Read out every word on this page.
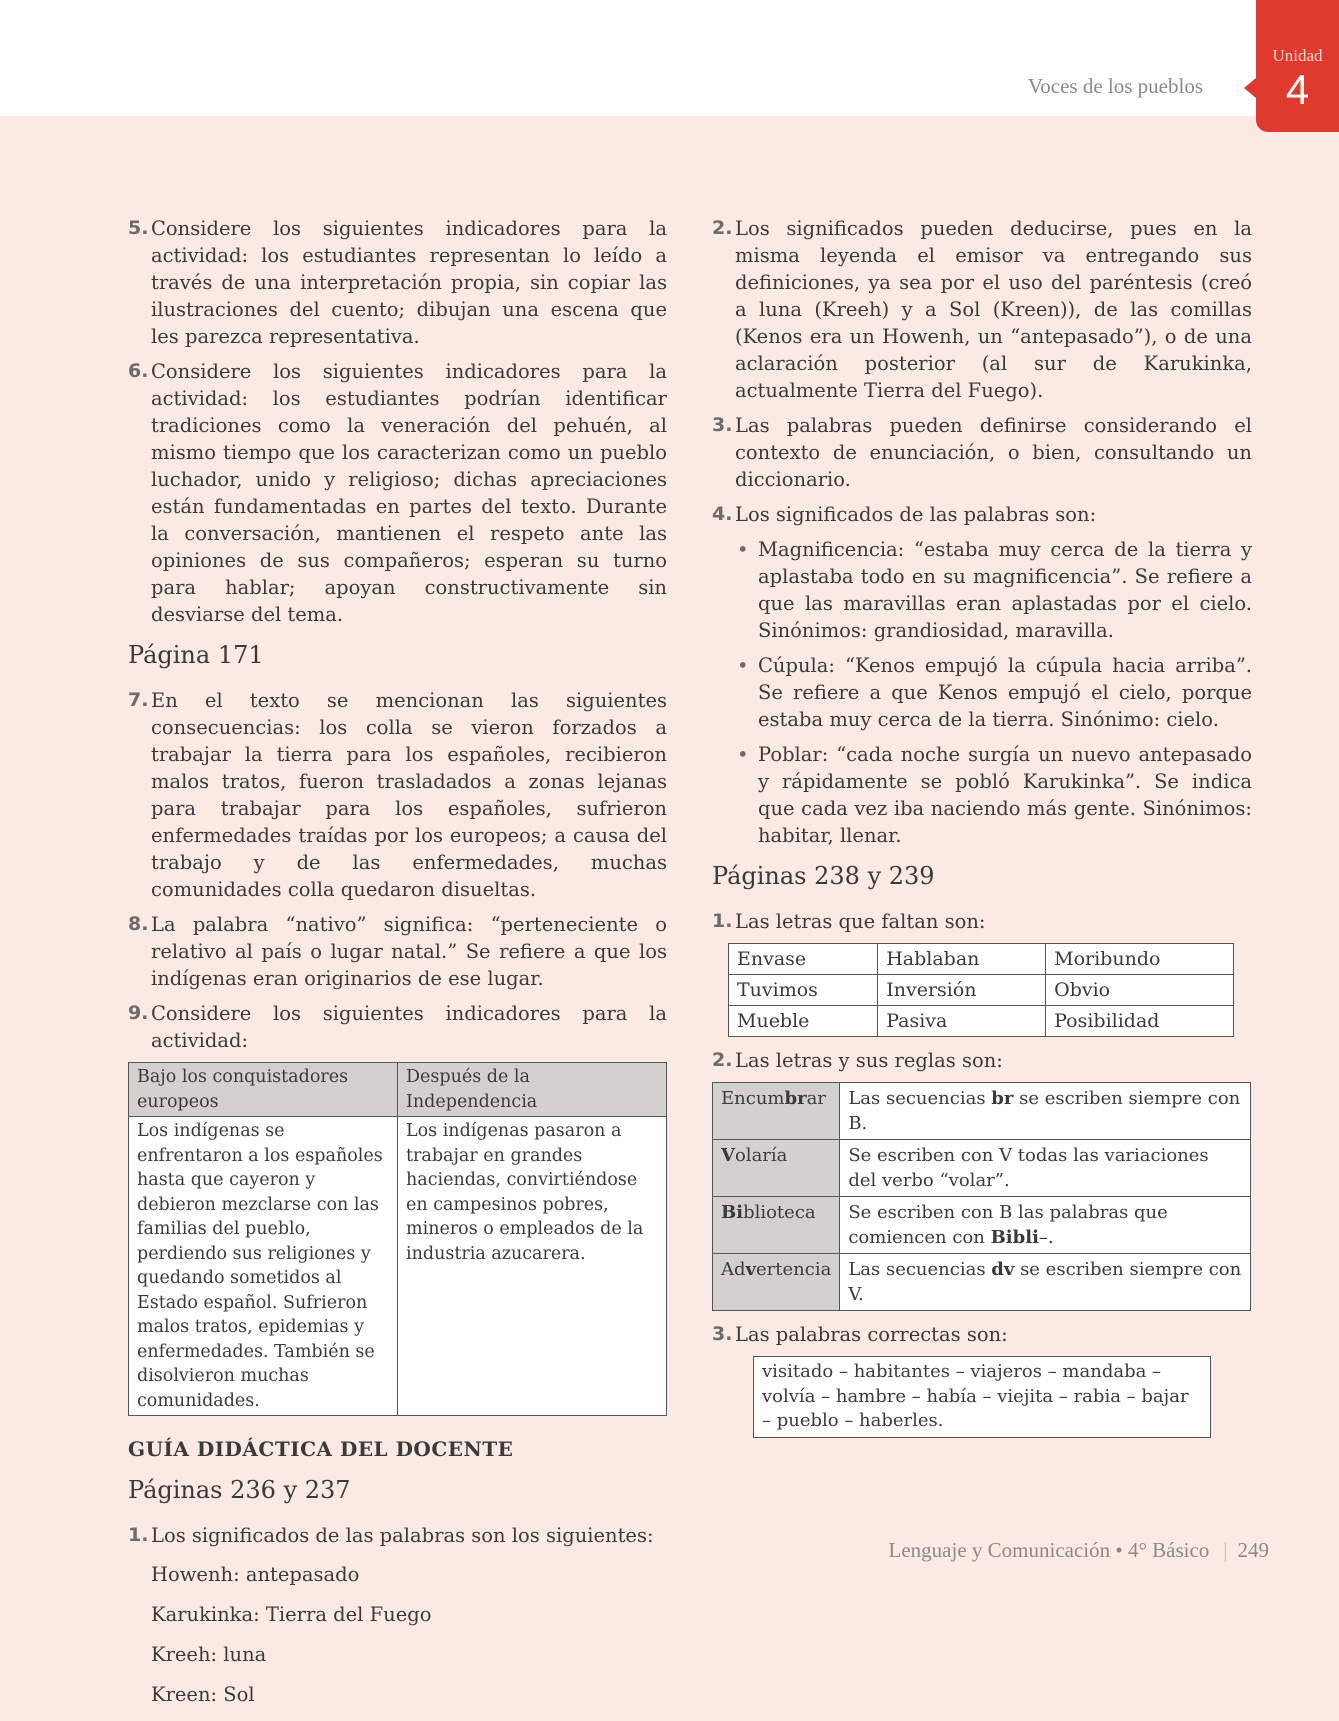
Voces de los pueblos
Unidad
4
5. Considere los siguientes indicadores para la actividad: los estudiantes representan lo leído a través de una interpretación propia, sin copiar las ilustraciones del cuento; dibujan una escena que les parezca representativa.
6. Considere los siguientes indicadores para la actividad: los estudiantes podrían identificar tradiciones como la veneración del pehuén, al mismo tiempo que los caracterizan como un pueblo luchador, unido y religioso; dichas apreciaciones están fundamentadas en partes del texto. Durante la conversación, mantienen el respeto ante las opiniones de sus compañeros; esperan su turno para hablar; apoyan constructivamente sin desviarse del tema.
Página 171
7. En el texto se mencionan las siguientes consecuencias: los colla se vieron forzados a trabajar la tierra para los españoles, recibieron malos tratos, fueron trasladados a zonas lejanas para trabajar para los españoles, sufrieron enfermedades traídas por los europeos; a causa del trabajo y de las enfermedades, muchas comunidades colla quedaron disueltas.
8. La palabra “nativo” significa: “perteneciente o relativo al país o lugar natal.” Se refiere a que los indígenas eran originarios de ese lugar.
9. Considere los siguientes indicadores para la actividad:
Bajo los conquistadores europeos	Después de la Independencia
Los indígenas se enfrentaron a los españoles hasta que cayeron y debieron mezclarse con las familias del pueblo, perdiendo sus religiones y quedando sometidos al Estado español. Sufrieron malos tratos, epidemias y enfermedades. También se disolvieron muchas comunidades.	Los indígenas pasaron a trabajar en grandes haciendas, convirtiéndose en campesinos pobres, mineros o empleados de la industria azucarera.
GUÍA DIDÁCTICA DEL DOCENTE
Páginas 236 y 237
1. Los significados de las palabras son los siguientes:
Howenh: antepasado
Karukinka: Tierra del Fuego
Kreeh: luna
Kreen: Sol
2. Los significados pueden deducirse, pues en la misma leyenda el emisor va entregando sus definiciones, ya sea por el uso del paréntesis (creó a luna (Kreeh) y a Sol (Kreen)), de las comillas (Kenos era un Howenh, un “antepasado”), o de una aclaración posterior (al sur de Karukinka, actualmente Tierra del Fuego).
3. Las palabras pueden definirse considerando el contexto de enunciación, o bien, consultando un diccionario.
4. Los significados de las palabras son:
• Magnificencia: “estaba muy cerca de la tierra y aplastaba todo en su magnificencia”. Se refiere a que las maravillas eran aplastadas por el cielo. Sinónimos: grandiosidad, maravilla.
• Cúpula: “Kenos empujó la cúpula hacia arriba”. Se refiere a que Kenos empujó el cielo, porque estaba muy cerca de la tierra. Sinónimo: cielo.
• Poblar: “cada noche surgía un nuevo antepasado y rápidamente se pobló Karukinka”. Se indica que cada vez iba naciendo más gente. Sinónimos: habitar, llenar.
Páginas 238 y 239
1. Las letras que faltan son:
Envase	Hablaban	Moribundo
Tuvimos	Inversión	Obvio
Mueble	Pasiva	Posibilidad
2. Las letras y sus reglas son:
Encumbrar	Las secuencias br se escriben siempre con B.
Volaría	Se escriben con V todas las variaciones del verbo “volar”.
Biblioteca	Se escriben con B las palabras que comiencen con Bibli–.
Advertencia	Las secuencias dv se escriben siempre con V.
3. Las palabras correctas son:
visitado – habitantes – viajeros – mandaba – volvía – hambre – había – viejita – rabia – bajar – pueblo – haberles.
Lenguaje y Comunicación • 4° Básico | 249
